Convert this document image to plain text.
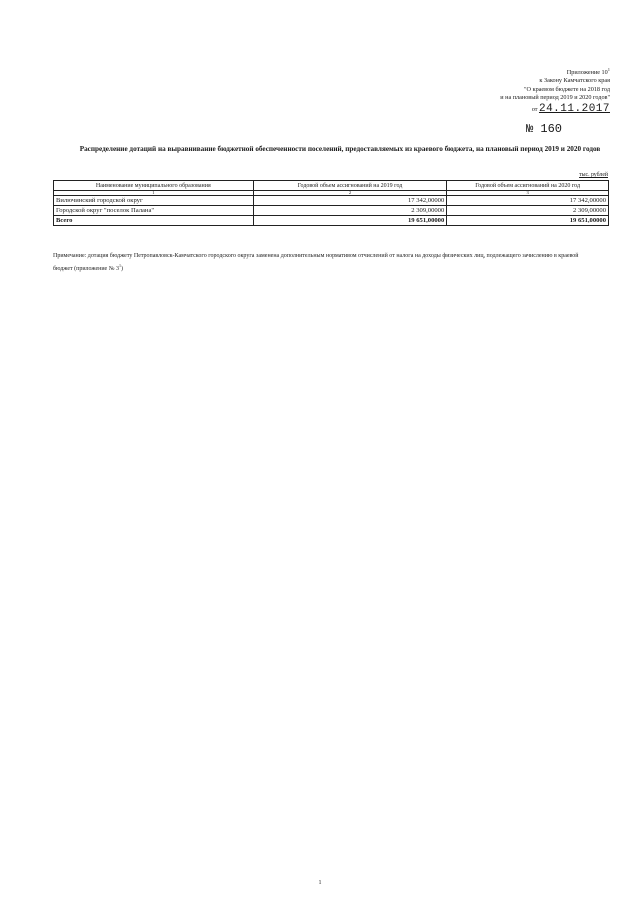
Приложение $10^1$
к Закону Камчатского края
"О краевом бюджете на 2018 год
и на плановый период 2019 и 2020 годов"
от 24.11.2017
№ 160
Распределение дотаций на выравнивание бюджетной обеспеченности поселений, предоставляемых из краевого бюджета, на плановый период 2019 и 2020 годов
тыс. рублей
Наименование муниципального образования	Годовой объем ассигнований на 2019 год	Годовой объем ассигнований на 2020 год
1	2	3
Вилючинский городской округ	17 342,00000	17 342,00000
Городской округ "поселок Палана"	2 309,00000	2 309,00000
Всего	19 651,00000	19 651,00000
Примечание: дотация бюджету Петропавловск-Камчатского городского округа заменена дополнительным нормативом отчислений от налога на доходы физических лиц, подлежащего зачислению в краевой бюджет (приложение № $3^1$)
1
